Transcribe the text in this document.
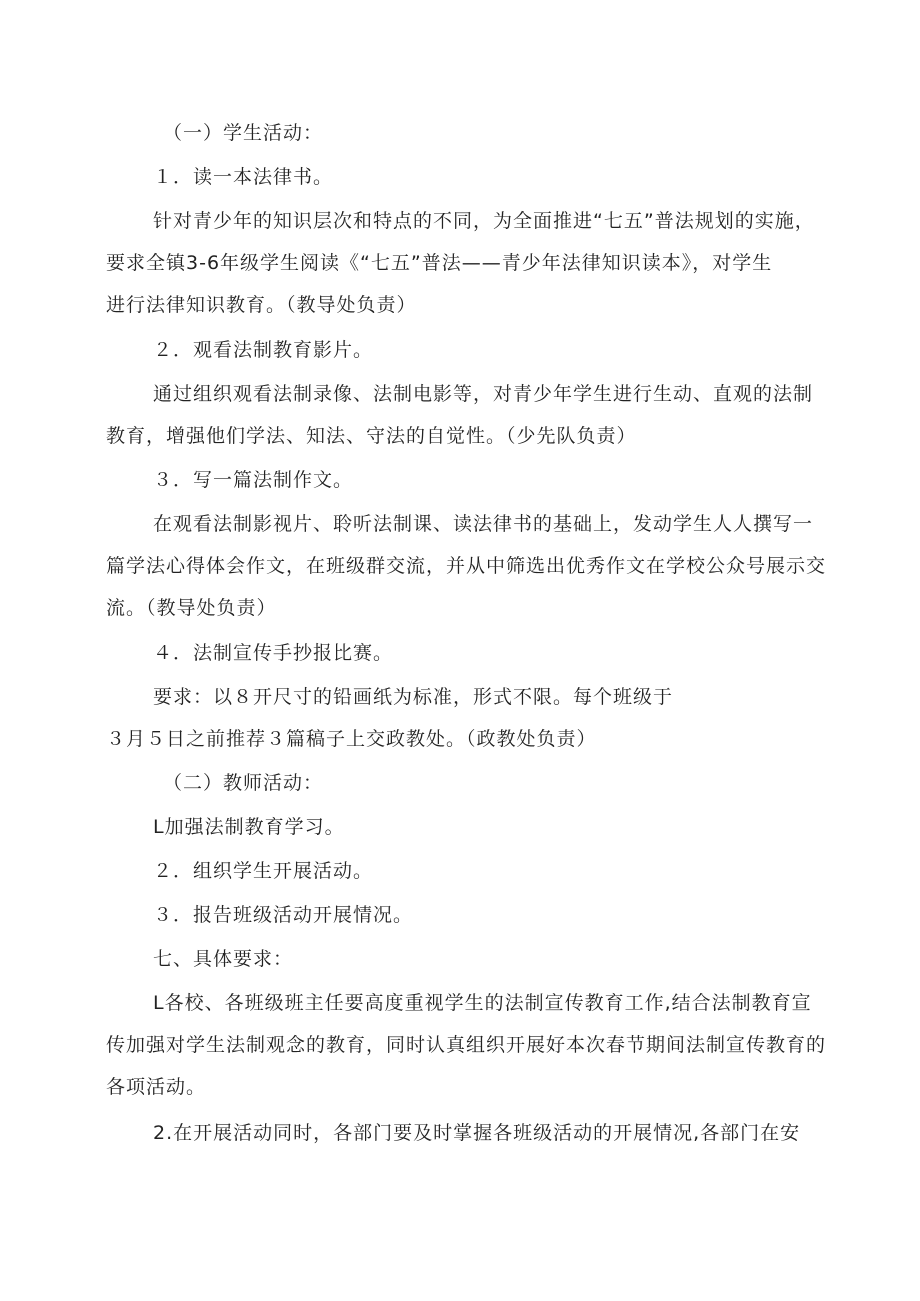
（一）学生活动：
１．读一本法律书。
针对青少年的知识层次和特点的不同，为全面推进“七五”普法规划的实施，
要求全镇3-6年级学生阅读《“七五”普法——青少年法律知识读本》，对学生
进行法律知识教育。（教导处负责）
２．观看法制教育影片。
通过组织观看法制录像、法制电影等，对青少年学生进行生动、直观的法制
教育，增强他们学法、知法、守法的自觉性。（少先队负责）
３．写一篇法制作文。
在观看法制影视片、聆听法制课、读法律书的基础上，发动学生人人撰写一
篇学法心得体会作文，在班级群交流，并从中筛选出优秀作文在学校公众号展示交
流。（教导处负责）
４．法制宣传手抄报比赛。
要求：以８开尺寸的铅画纸为标准，形式不限。每个班级于
３月５日之前推荐３篇稿子上交政教处。（政教处负责）
（二）教师活动：
L加强法制教育学习。
２．组织学生开展活动。
３．报告班级活动开展情况。
七、具体要求：
L各校、各班级班主任要高度重视学生的法制宣传教育工作,结合法制教育宣
传加强对学生法制观念的教育，同时认真组织开展好本次春节期间法制宣传教育的
各项活动。
2.在开展活动同时，各部门要及时掌握各班级活动的开展情况,各部门在安
